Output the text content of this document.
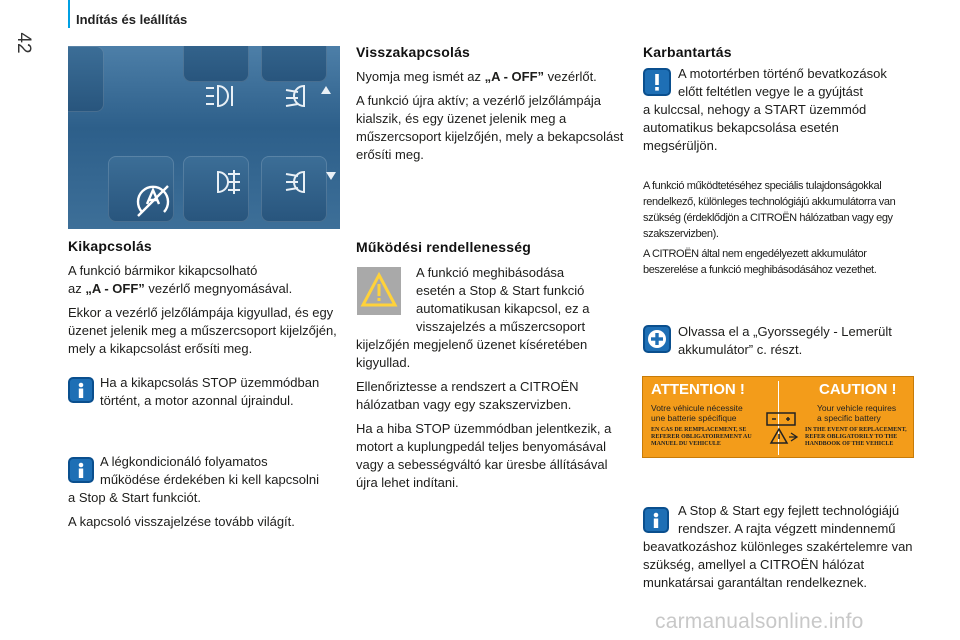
42
Indítás és leállítás
Kikapcsolás

A funkció bármikor kikapcsolható

az „A - OFF” vezérlő megnyomásával.

Ekkor a vezérlő jelzőlámpája kigyullad, és egy üzenet jelenik meg a műszercsoport kijelzőjén, mely a kikapcsolást erősíti meg.

Ha a kikapcsolás STOP üzemmódban történt, a motor azonnal újraindul.

A légkondicionáló folyamatos

működése érdekében ki kell kapcsolni

a Stop & Start funkciót.

A kapcsoló visszajelzése tovább világít.

Visszakapcsolás

Nyomja meg ismét az „A - OFF” vezérlőt.

A funkció újra aktív; a vezérlő jelzőlámpája kialszik, és egy üzenet jelenik meg a műszercsoport kijelzőjén, mely a bekapcsolást erősíti meg.

Működési rendellenesség

A funkció meghibásodása

esetén a Stop & Start funkció

automatikusan kikapcsol, ez a

visszajelzés a műszercsoport

kijelzőjén megjelenő üzenet kíséretében kigyullad.

Ellenőriztesse a rendszert a CITROËN hálózatban vagy egy szakszervizben.

Ha a hiba STOP üzemmódban jelentkezik, a motort a kuplungpedál teljes benyomásával vagy a sebességváltó kar üresbe állításával újra lehet indítani.

Karbantartás

A motortérben történő bevatkozások

előtt feltétlen vegye le a gyújtást

a kulccsal, nehogy a START üzemmód automatikus bekapcsolása esetén megsérüljön.

A funkció működtetéséhez speciális tulajdonságokkal rendelkező, különleges technológiájú akkumulátorra van szükség (érdeklődjön a CITROËN hálózatban vagy egy szakszervizben).

A CITROËN által nem engedélyezett akkumulátor beszerelése a funkció meghibásodásához vezethet.

Olvassa el a „Gyorssegély - Lemerült

akkumulátor” c. részt.

ATTENTION !	CAUTION !
Votre véhicule nécessite
une batterie spécifique
Your vehicle requires
a specific battery
EN CAS DE REMPLACEMENT, SE REFERER OBLIGATOIREMENT AU MANUEL DU VEHICULE
IN THE EVENT OF REPLACEMENT, REFER OBLIGATORILY TO THE HANDBOOK OF THE VEHICLE

A Stop & Start egy fejlett technológiájú

rendszer. A rajta végzett mindennemű

beavatkozáshoz különleges szakértelemre van szükség, amellyel a CITROËN hálózat munkatársai garantáltan rendelkeznek.

carmanualsonline.info
